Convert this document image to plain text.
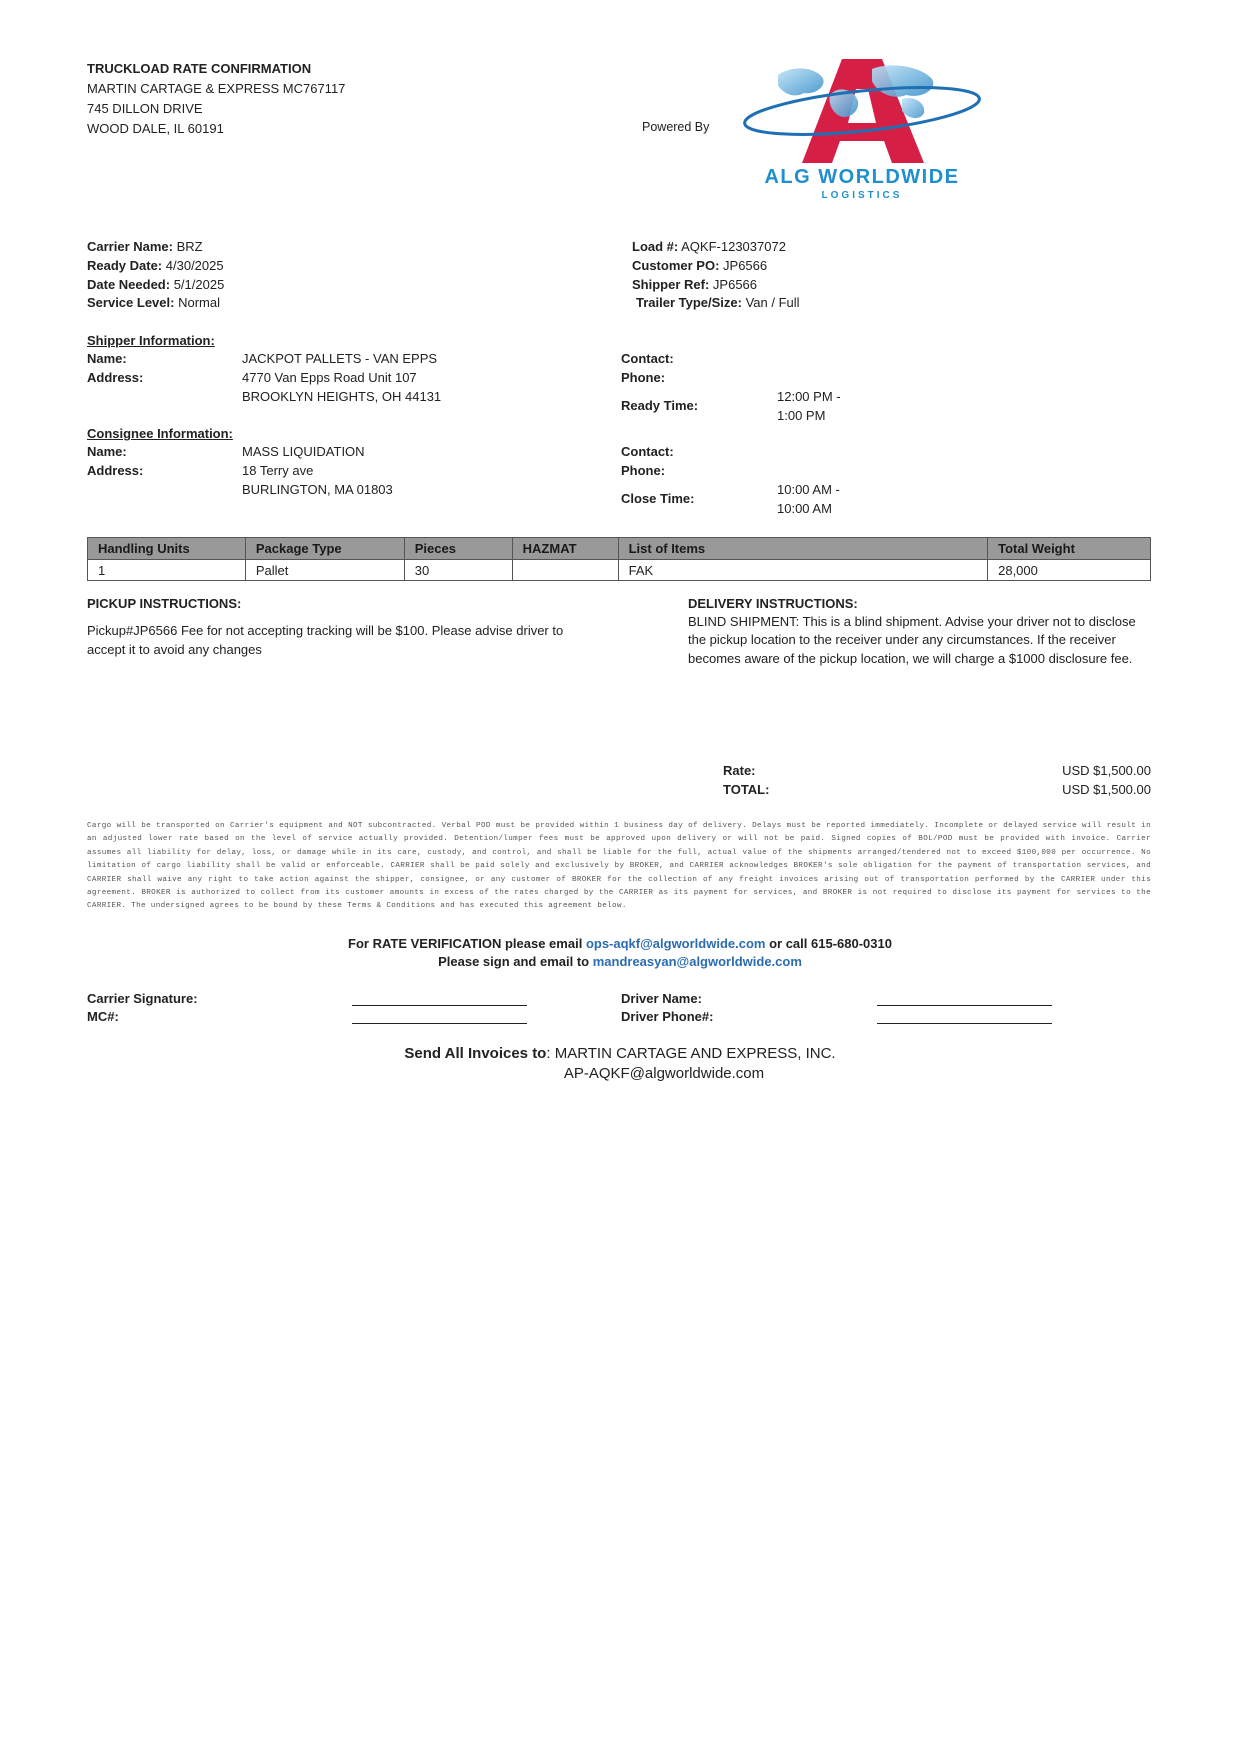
TRUCKLOAD RATE CONFIRMATION
MARTIN CARTAGE & EXPRESS MC767117
745 DILLON DRIVE
WOOD DALE, IL 60191	Powered By
ALG WORLDWIDE
LOGISTICS
Carrier Name: BRZ
Ready Date: 4/30/2025
Date Needed: 5/1/2025
Service Level: Normal
Load #: AQKF-123037072
Customer PO: JP6566
Shipper Ref: JP6566
Trailer Type/Size: Van / Full
Shipper Information:
Name:	JACKPOT PALLETS - VAN EPPS
Address:	4770 Van Epps Road Unit 107
BROOKLYN HEIGHTS, OH 44131
Contact:
Phone:
Ready Time:
12:00 PM -
1:00 PM
Consignee Information:
Name:	MASS LIQUIDATION
Address:	18 Terry ave
BURLINGTON, MA 01803
Contact:
Phone:
Close Time:
10:00 AM -
10:00 AM
Handling Units	Package Type	Pieces	HAZMAT	List of Items	Total Weight
1	Pallet	30		FAK	28,000
PICKUP INSTRUCTIONS:
Pickup#JP6566 Fee for not accepting tracking will be $100. Please advise driver to
accept it to avoid any changes
DELIVERY INSTRUCTIONS:
BLIND SHIPMENT: This is a blind shipment. Advise your driver not to disclose
the pickup location to the receiver under any circumstances. If the receiver
becomes aware of the pickup location, we will charge a $1000 disclosure fee.
Rate:	USD $1,500.00
TOTAL:	USD $1,500.00
Cargo will be transported on Carrier's equipment and NOT subcontracted. Verbal POD must be provided within 1 business day of delivery. Delays must be reported immediately. Incomplete or delayed service will result in an adjusted lower rate based on the level of service actually provided. Detention/lumper fees must be approved upon delivery or will not be paid. Signed copies of BOL/POD must be provided with invoice. Carrier assumes all liability for delay, loss, or damage while in its care, custody, and control, and shall be liable for the full, actual value of the shipments arranged/tendered not to exceed $100,000 per occurrence. No limitation of cargo liability shall be valid or enforceable. CARRIER shall be paid solely and exclusively by BROKER, and CARRIER acknowledges BROKER's sole obligation for the payment of transportation services, and CARRIER shall waive any right to take action against the shipper, consignee, or any customer of BROKER for the collection of any freight invoices arising out of transportation performed by the CARRIER under this agreement. BROKER is authorized to collect from its customer amounts in excess of the rates charged by the CARRIER as its payment for services, and BROKER is not required to disclose its payment for services to the CARRIER. The undersigned agrees to be bound by these Terms & Conditions and has executed this agreement below.
For RATE VERIFICATION please email ops-aqkf@algworldwide.com or call 615-680-0310
Please sign and email to mandreasyan@algworldwide.com
Carrier Signature:
MC#:
Driver Name:
Driver Phone#:
Send All Invoices to: MARTIN CARTAGE AND EXPRESS, INC.
AP-AQKF@algworldwide.com
